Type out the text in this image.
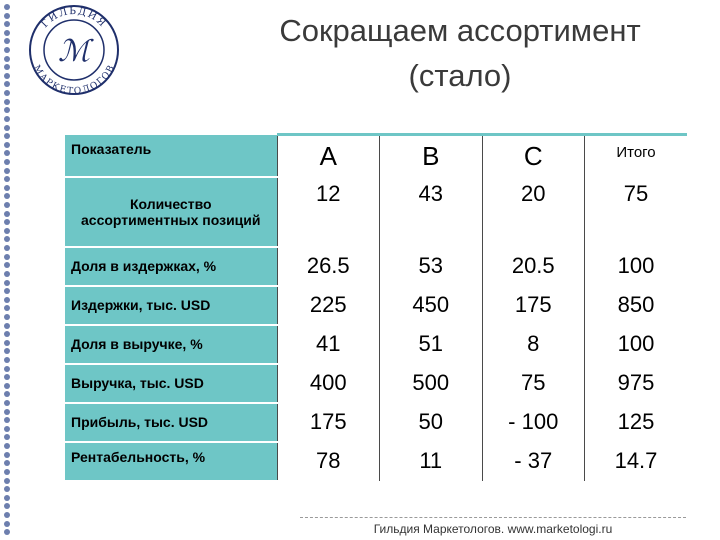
ГИЛЬДИЯ
МАРКЕТОЛОГОВ
ℳ
Сокращаем ассортимент
(стало)
Показатель	A	B	C	Итого
Количество ассортиментных позиций	12	43	20	75
Доля в издержках, %	26.5	53	20.5	100
Издержки, тыс. USD	225	450	175	850
Доля в выручке, %	41	51	8	100
Выручка, тыс. USD	400	500	75	975
Прибыль, тыс. USD	175	50	- 100	125
Рентабельность, %	78	11	- 37	14.7
Гильдия Маркетологов. www.marketologi.ru
